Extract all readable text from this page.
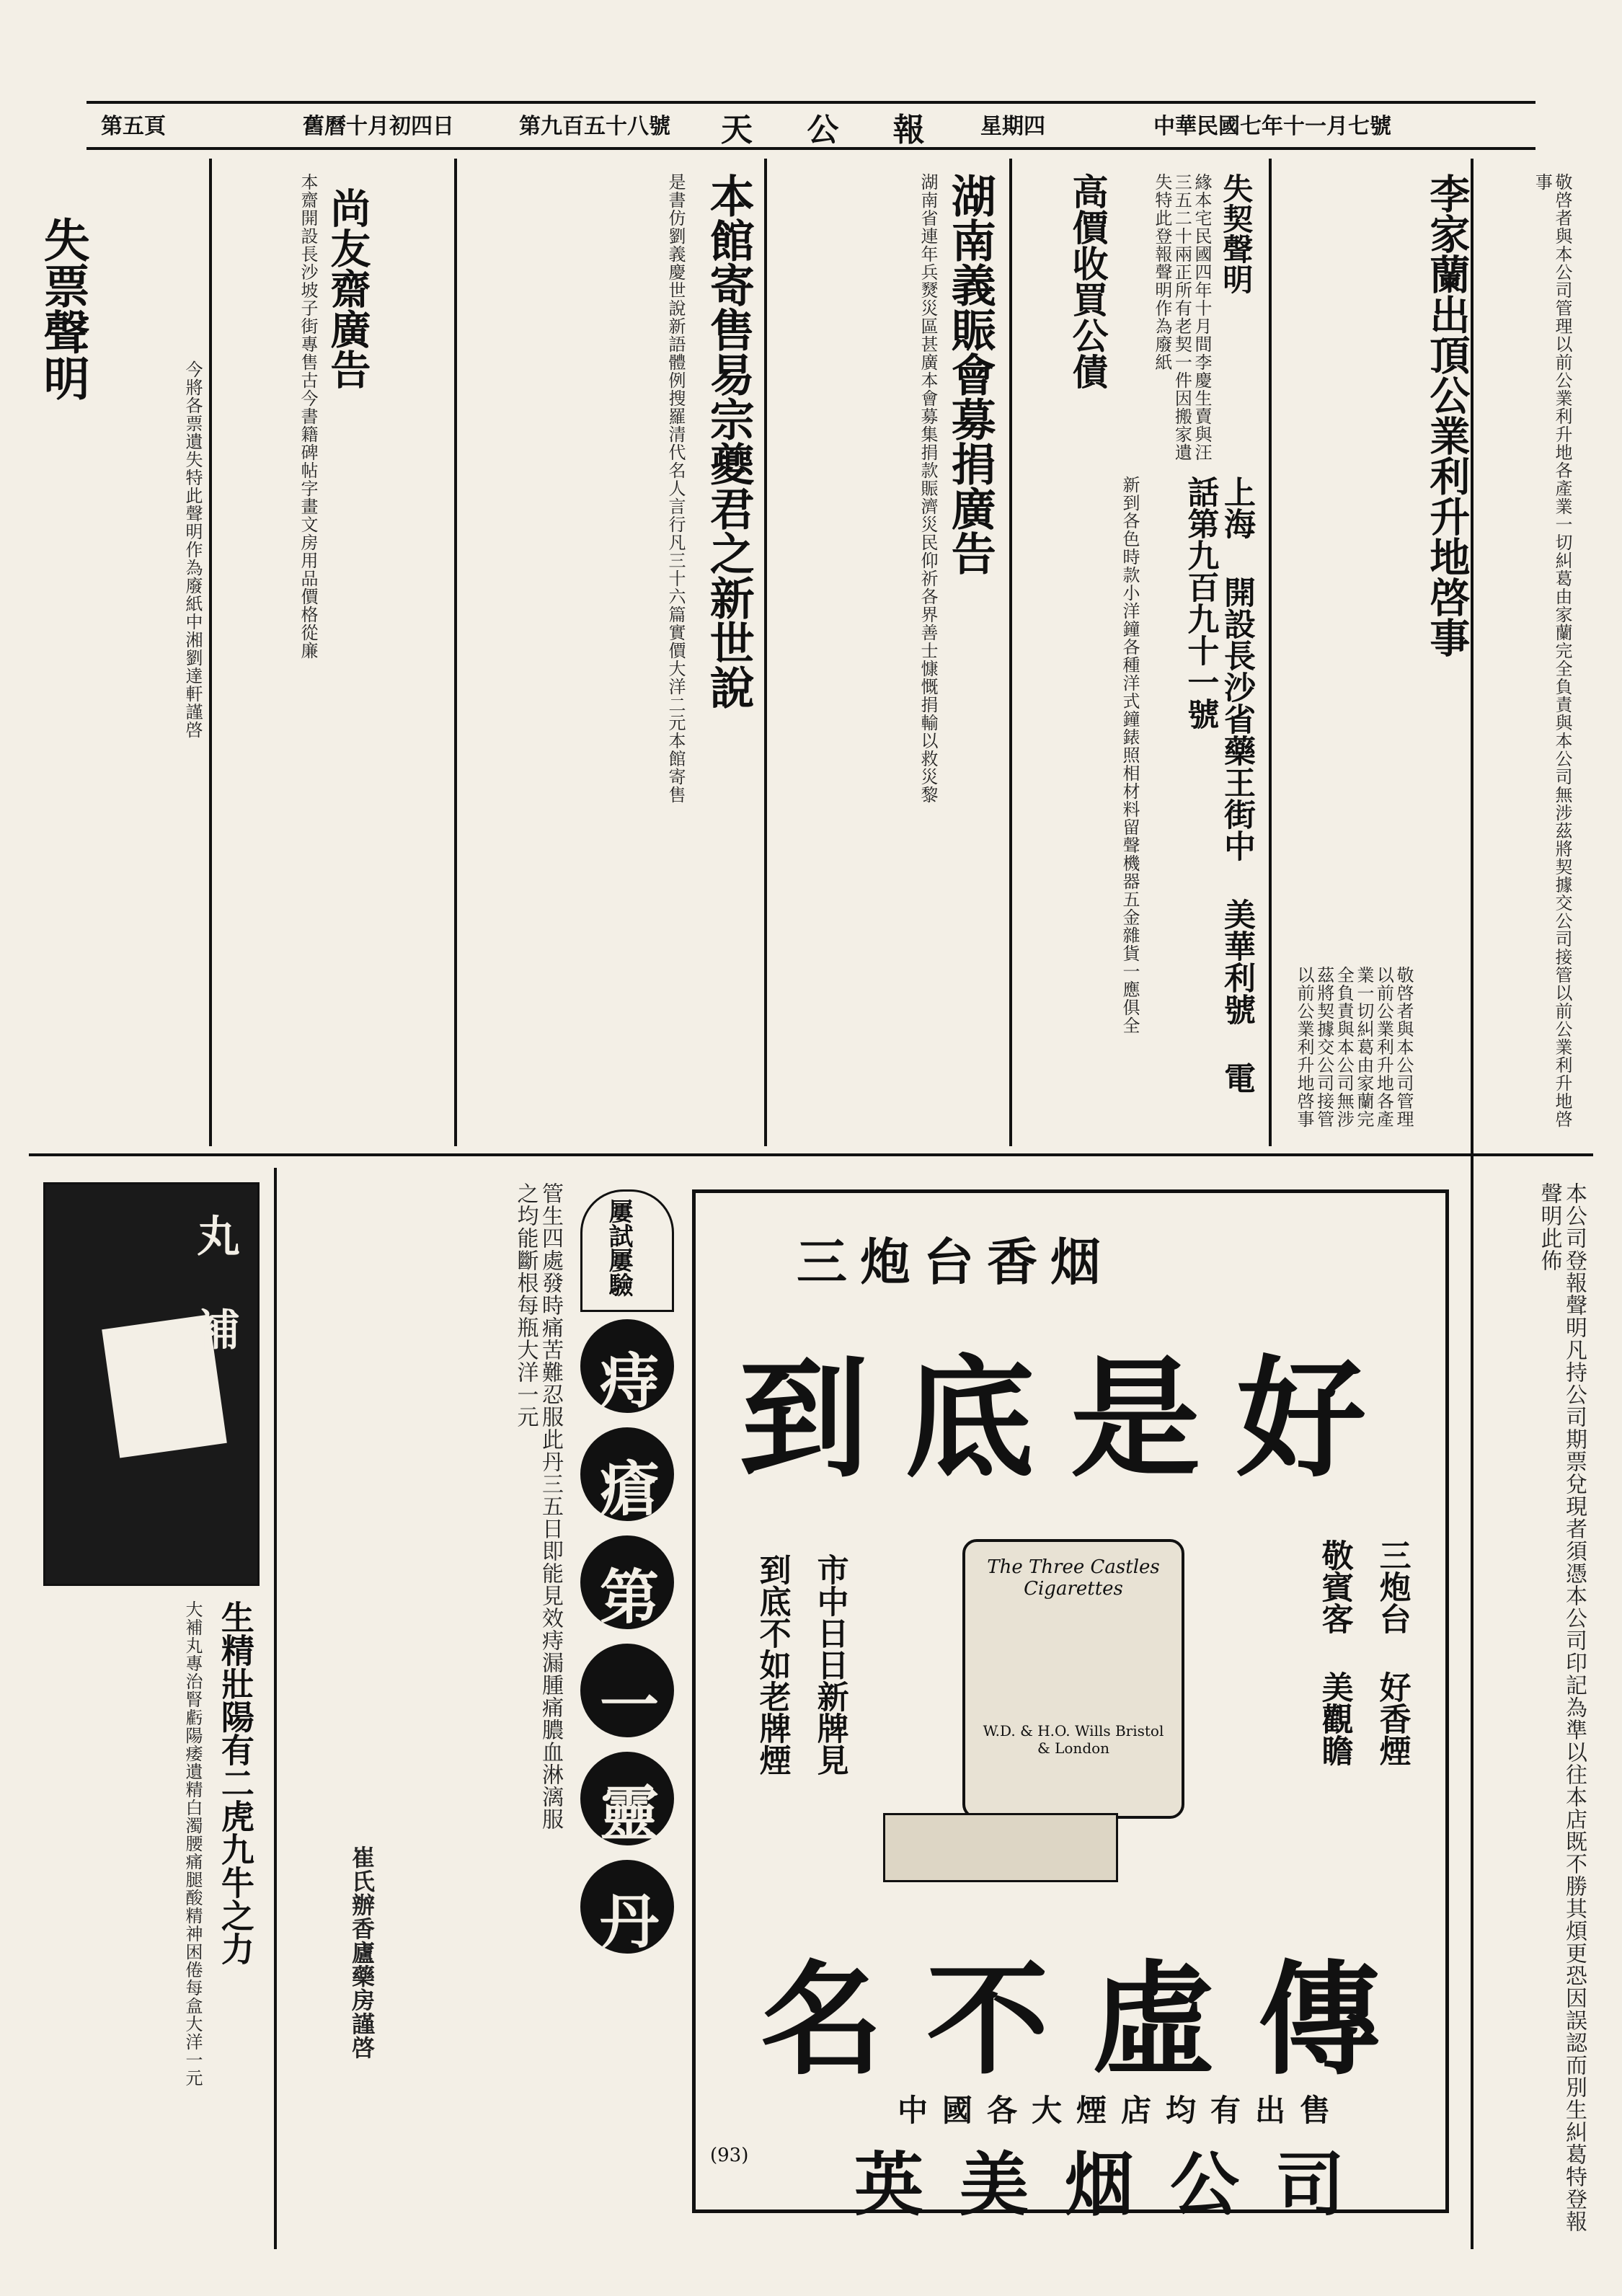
第五頁	舊曆十月初四日	第九百五十八號 天 公 報 星期四	中華民國七年十一月七號
本公司登報聲明凡持公司期票兌現者須憑本公司印記為準以往本店既不勝其煩更恐因誤認而別生糾葛特登報聲明此佈
李家蘭出頂公業利升地啓事
敬啓者與本公司管理以前公業利升地各產業一切糾葛由家蘭完全負責與本公司無涉茲將契據交公司接管以前公業利升地啓事	敬啓者與本公司管理以前公業利升地各產業一切糾葛由家蘭完全負責與本公司無涉茲將契據交公司接管以前公業利升地啓事
失契聲明
緣本宅民國四年十月間李慶生賣與汪三五二十兩正所有老契一件因搬家遺失特此登報聲明作為廢紙
上海 開設長沙省藥王街中 美華利號 電話第九百九十一號
新到各色時款小洋鐘各種洋式鐘錶照相材料留聲機器五金雜貨一應俱全
高價收買公債
湖南義賑會募捐廣告
湖南省連年兵燹災區甚廣本會募集捐款賑濟災民仰祈各界善士慷慨捐輸以救災黎
本館寄售易宗夔君之新世說
是書仿劉義慶世說新語體例搜羅清代名人言行凡三十六篇實價大洋二元本館寄售
尚友齋廣告
本齋開設長沙坡子街專售古今書籍碑帖字畫文房用品價格從廉
失票聲明
今將各票遺失特此聲明作為廢紙中湘劉達軒謹啓
丸 補
生精壯陽有二虎九牛之力
大補丸專治腎虧陽痿遺精白濁腰痛腿酸精神困倦每盒大洋一元
管生四處發時痛苦難忍服此丹三五日即能見效痔漏腫痛膿血淋漓服之均能斷根每瓶大洋一元
崔氏辦香廬藥房謹啓
屢試屢驗
痔
瘡
第
一
靈
丹
三炮台香烟
到底是好
到底不如老牌煙 市中日日新牌見	三炮台 好香煙
敬賓客 美觀瞻
The Three Castles Cigarettes
W.D. & H.O. Wills Bristol & London
名不虛傳
中國各大煙店均有出售
英美烟公司
(93)
